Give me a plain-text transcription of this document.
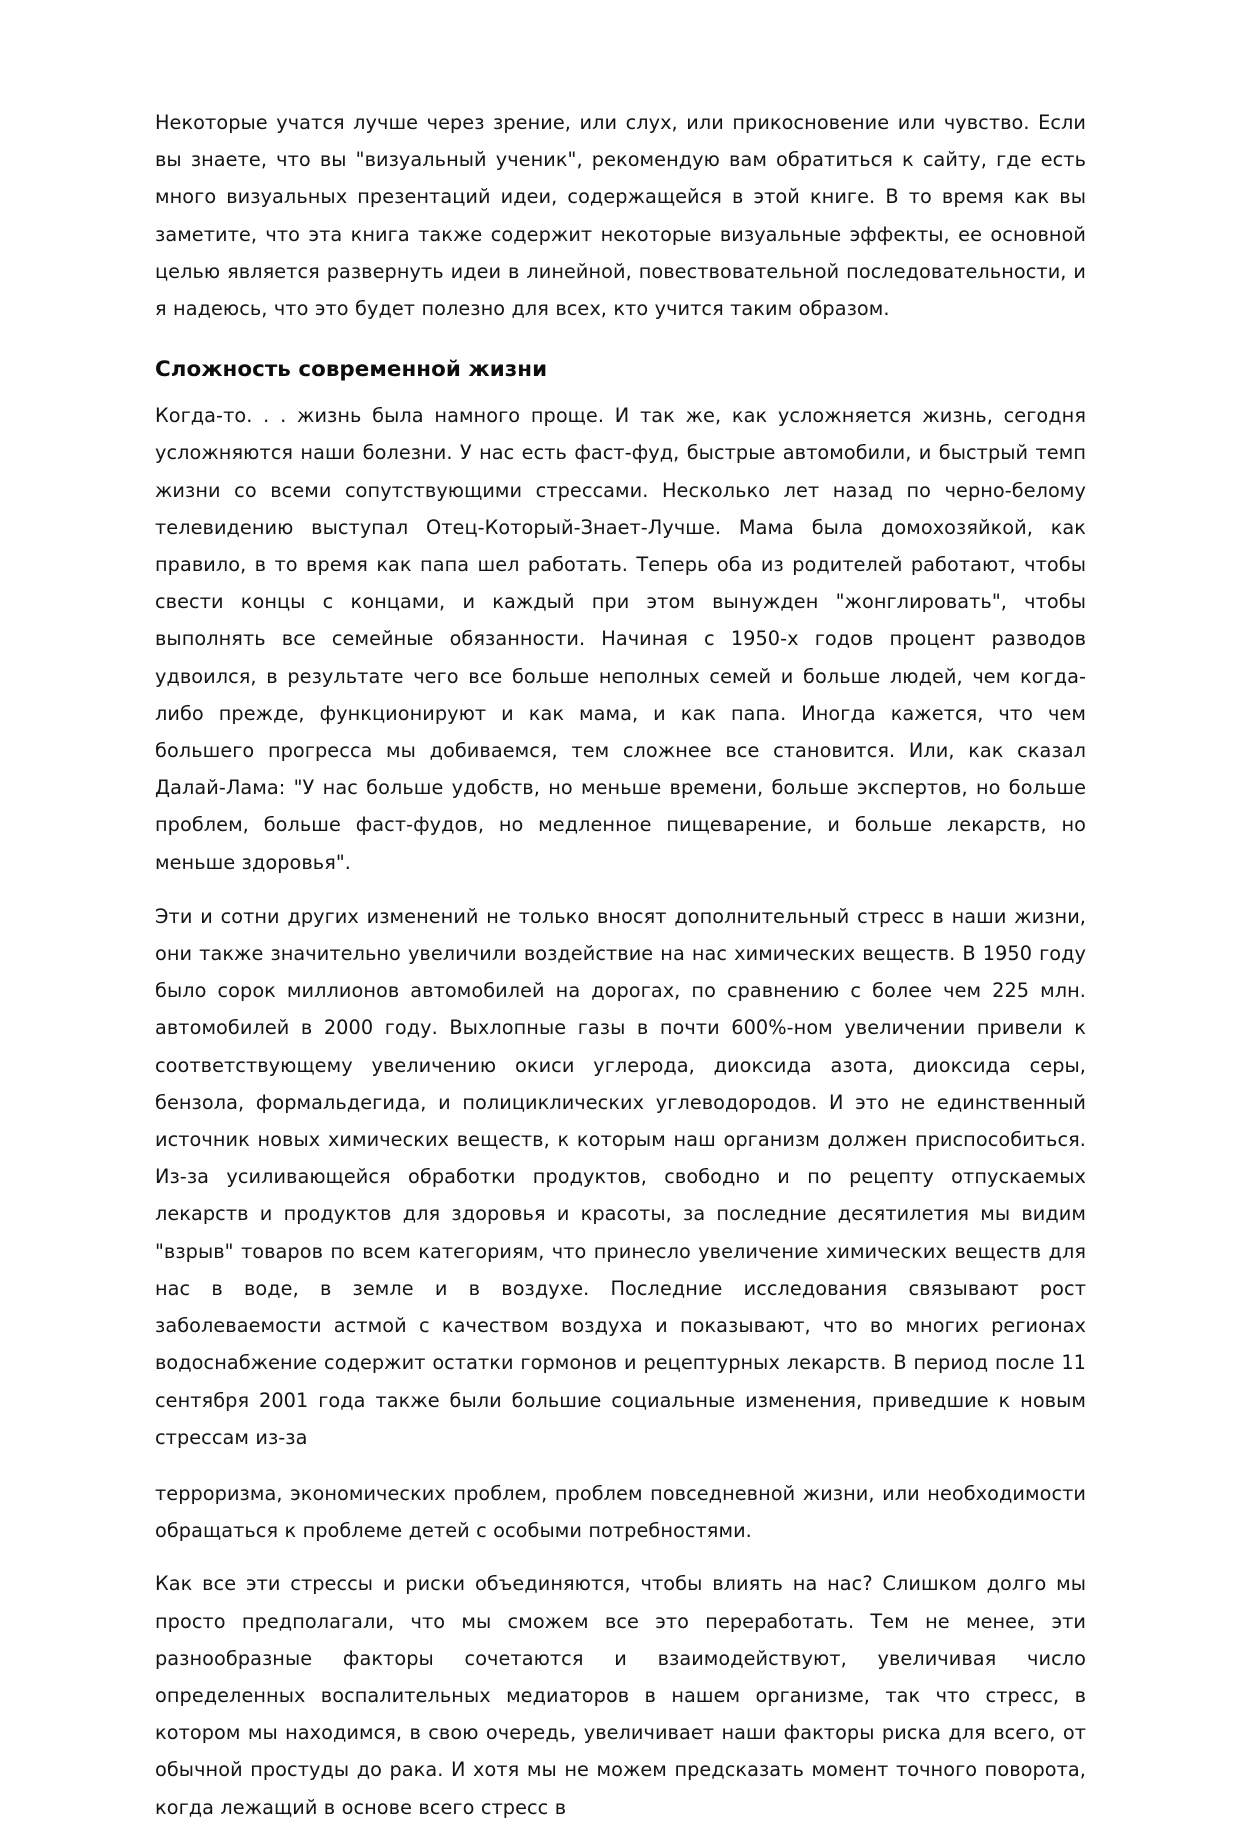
Некоторые учатся лучше через зрение, или слух, или прикосновение или чувство. Если вы знаете, что вы "визуальный ученик", рекомендую вам обратиться к сайту, где есть много визуальных презентаций идеи, содержащейся в этой книге. В то время как вы заметите, что эта книга также содержит некоторые визуальные эффекты, ее основной целью является развернуть идеи в линейной, повествовательной последовательности, и я надеюсь, что это будет полезно для всех, кто учится таким образом.

Сложность современной жизни

Когда-то. . . жизнь была намного проще. И так же, как усложняется жизнь, сегодня усложняются наши болезни. У нас есть фаст-фуд, быстрые автомобили, и быстрый темп жизни со всеми сопутствующими стрессами. Несколько лет назад по черно-белому телевидению выступал Отец-Который-Знает-Лучше. Мама была домохозяйкой, как правило, в то время как папа шел работать. Теперь оба из родителей работают, чтобы свести концы с концами, и каждый при этом вынужден "жонглировать", чтобы выполнять все семейные обязанности. Начиная с 1950-х годов процент разводов удвоился, в результате чего все больше неполных семей и больше людей, чем когда-либо прежде, функционируют и как мама, и как папа. Иногда кажется, что чем большего прогресса мы добиваемся, тем сложнее все становится. Или, как сказал Далай-Лама: "У нас больше удобств, но меньше времени, больше экспертов, но больше проблем, больше фаст-фудов, но медленное пищеварение, и больше лекарств, но меньше здоровья".

Эти и сотни других изменений не только вносят дополнительный стресс в наши жизни, они также значительно увеличили воздействие на нас химических веществ. В 1950 году было сорок миллионов автомобилей на дорогах, по сравнению с более чем 225 млн. автомобилей в 2000 году. Выхлопные газы в почти 600%-ном увеличении привели к соответствующему увеличению окиси углерода, диоксида азота, диоксида серы, бензола, формальдегида, и полициклических углеводородов. И это не единственный источник новых химических веществ, к которым наш организм должен приспособиться. Из-за усиливающейся обработки продуктов, свободно и по рецепту отпускаемых лекарств и продуктов для здоровья и красоты, за последние десятилетия мы видим "взрыв" товаров по всем категориям, что принесло увеличение химических веществ для нас в воде, в земле и в воздухе. Последние исследования связывают рост заболеваемости астмой с качеством воздуха и показывают, что во многих регионах водоснабжение содержит остатки гормонов и рецептурных лекарств. В период после 11 сентября 2001 года также были большие социальные изменения, приведшие к новым стрессам из-за

терроризма, экономических проблем, проблем повседневной жизни, или необходимости обращаться к проблеме детей с особыми потребностями.

Как все эти стрессы и риски объединяются, чтобы влиять на нас? Слишком долго мы просто предполагали, что мы сможем все это переработать. Тем не менее, эти разнообразные факторы сочетаются и взаимодействуют, увеличивая число определенных воспалительных медиаторов в нашем организме, так что стресс, в котором мы находимся, в свою очередь, увеличивает наши факторы риска для всего, от обычной простуды до рака. И хотя мы не можем предсказать момент точного поворота, когда лежащий в основе всего стресс в
